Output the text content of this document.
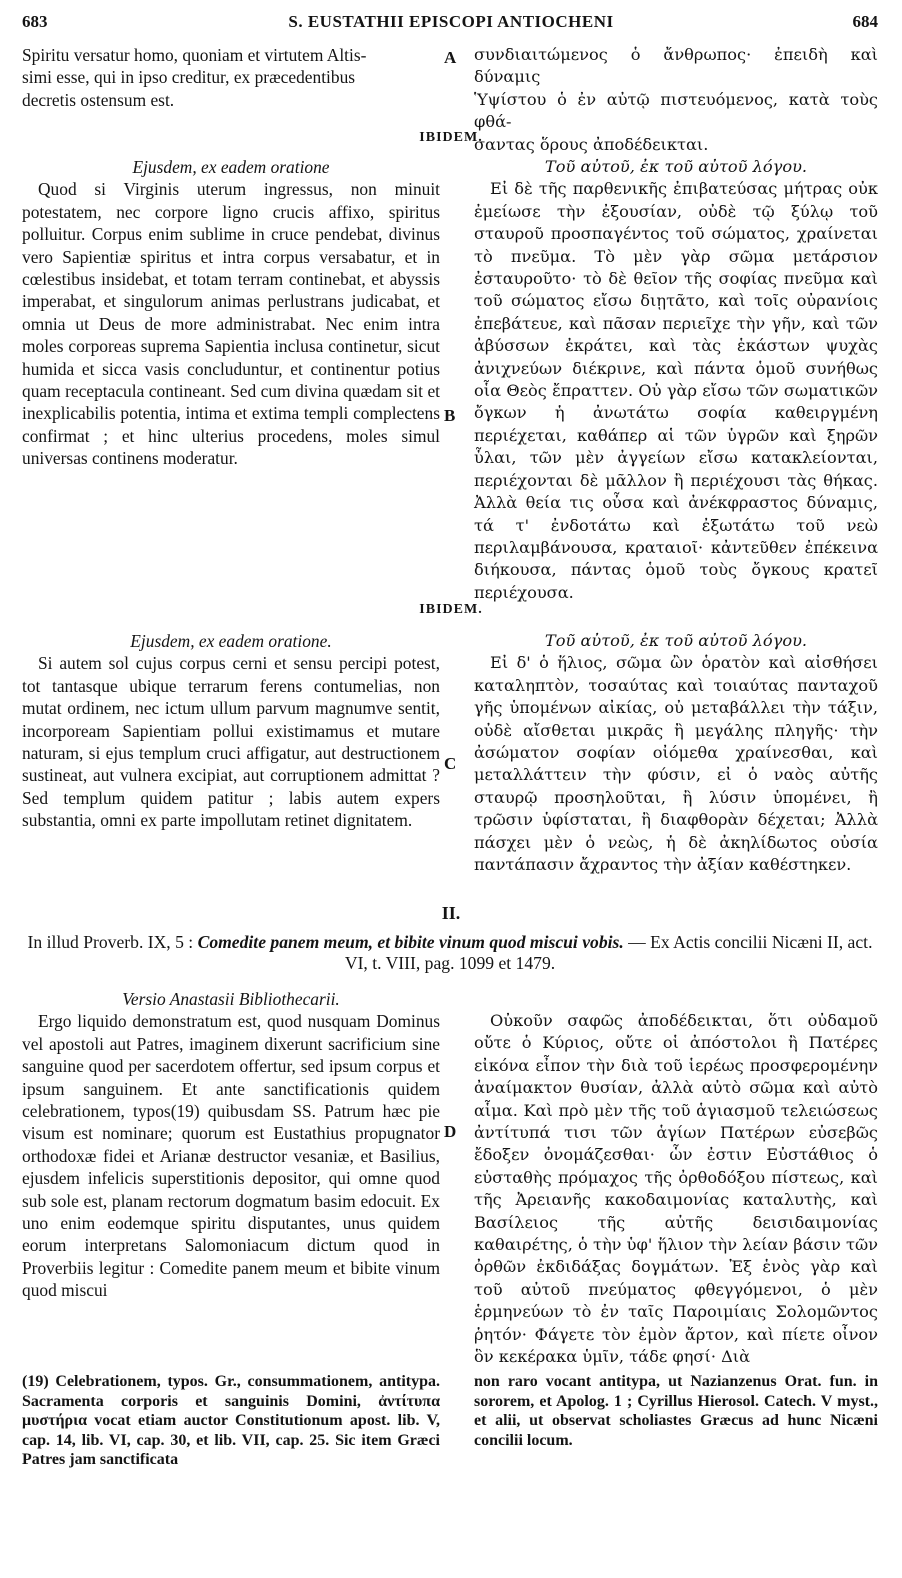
S. EUSTATHII EPISCOPI ANTIOCHENI
683	684
Spiritu versatur homo, quoniam et virtutem Altis-
simi esse, qui in ipso creditur, ex præcedentibus
decretis ostensum est.
A συνδιαιτώμενος ὁ ἄνθρωπος· ἐπειδὴ καὶ δύναμις
Ὑψίστου ὁ ἐν αὐτῷ πιστευόμενος, κατὰ τοὺς φθά-
σαντας ὅρους ἀποδέδεικται.
IBIDEM.

Ejusdem, ex eadem oratione

Quod si Virginis uterum ingressus, non minuit potestatem, nec corpore ligno crucis affixo, spiritus polluitur. Corpus enim sublime in cruce pendebat, divinus vero Sapientiæ spiritus et intra corpus versabatur, et in cœlestibus insidebat, et totam terram continebat, et abyssis imperabat, et singulorum animas perlustrans judicabat, et omnia ut Deus de more administrabat. Nec enim intra moles corporeas suprema Sapientia inclusa continetur, sicut humida et sicca vasis concluduntur, et continentur potius quam receptacula contineant. Sed cum divina quædam sit et inexplicabilis potentia, intima et extima templi complectens confirmat ; et hinc ulterius procedens, moles simul universas continens moderatur.

B

Τοῦ αὐτοῦ, ἐκ τοῦ αὐτοῦ λόγου.

Εἰ δὲ τῆς παρθενικῆς ἐπιβατεύσας μήτρας οὐκ ἐμείωσε τὴν ἐξουσίαν, οὐδὲ τῷ ξύλῳ τοῦ σταυροῦ προσπαγέντος τοῦ σώματος, χραίνεται τὸ πνεῦμα. Τὸ μὲν γὰρ σῶμα μετάρσιον ἐσταυροῦτο· τὸ δὲ θεῖον τῆς σοφίας πνεῦμα καὶ τοῦ σώματος εἴσω διῃτᾶτο, καὶ τοῖς οὐρανίοις ἐπεβάτευε, καὶ πᾶσαν περιεῖχε τὴν γῆν, καὶ τῶν ἀβύσσων ἐκράτει, καὶ τὰς ἑκάστων ψυχὰς ἀνιχνεύων διέκρινε, καὶ πάντα ὁμοῦ συνήθως οἷα Θεὸς ἔπραττεν. Οὐ γὰρ εἴσω τῶν σωματικῶν ὄγκων ἡ ἀνωτάτω σοφία καθειργμένη περιέχεται, καθάπερ αἱ τῶν ὑγρῶν καὶ ξηρῶν ὗλαι, τῶν μὲν ἀγγείων εἴσω κατακλείονται, περιέχονται δὲ μᾶλλον ἢ περιέχουσι τὰς θήκας. Ἀλλὰ θεία τις οὖσα καὶ ἀνέκφραστος δύναμις, τά τ' ἐνδοτάτω καὶ ἐξωτάτω τοῦ νεὼ περιλαμβάνουσα, κραταιοῖ· κἀντεῦθεν ἐπέκεινα διήκουσα, πάντας ὁμοῦ τοὺς ὄγκους κρατεῖ περιέχουσα.

IBIDEM.

Ejusdem, ex eadem oratione.

Si autem sol cujus corpus cerni et sensu percipi potest, tot tantasque ubique terrarum ferens contumelias, non mutat ordinem, nec ictum ullum parvum magnumve sentit, incorpoream Sapientiam pollui existimamus et mutare naturam, si ejus templum cruci affigatur, aut destructionem sustineat, aut vulnera excipiat, aut corruptionem admittat ? Sed templum quidem patitur ; labis autem expers substantia, omni ex parte impollutam retinet dignitatem.

C

Τοῦ αὐτοῦ, ἐκ τοῦ αὐτοῦ λόγου.

Εἰ δ' ὁ ἥλιος, σῶμα ὢν ὁρατὸν καὶ αἰσθήσει καταληπτὸν, τοσαύτας καὶ τοιαύτας πανταχοῦ γῆς ὑπομένων αἰκίας, οὐ μεταβάλλει τὴν τάξιν, οὐδὲ αἴσθεται μικρᾶς ἢ μεγάλης πληγῆς· τὴν ἀσώματον σοφίαν οἰόμεθα χραίνεσθαι, καὶ μεταλλάττειν τὴν φύσιν, εἰ ὁ ναὸς αὐτῆς σταυρῷ προσηλοῦται, ἢ λύσιν ὑπομένει, ἢ τρῶσιν ὑφίσταται, ἢ διαφθορὰν δέχεται; Ἀλλὰ πάσχει μὲν ὁ νεὼς, ἡ δὲ ἀκηλίδωτος οὐσία παντάπασιν ἄχραντος τὴν ἀξίαν καθέστηκεν.

II.
In illud Proverb. IX, 5 : Comedite panem meum, et bibite vinum quod miscui vobis. — Ex Actis concilii Nicæni II, act. VI, t. VIII, pag. 1099 et 1479.

Versio Anastasii Bibliothecarii.

Ergo liquido demonstratum est, quod nusquam Dominus vel apostoli aut Patres, imaginem dixerunt sacrificium sine sanguine quod per sacerdotem offertur, sed ipsum corpus et ipsum sanguinem. Et ante sanctificationis quidem celebrationem, typos(19) quibusdam SS. Patrum hæc pie visum est nominare; quorum est Eustathius propugnator orthodoxæ fidei et Arianæ destructor vesaniæ, et Basilius, ejusdem infelicis superstitionis depositor, qui omne quod sub sole est, planam rectorum dogmatum basim edocuit. Ex uno enim eodemque spiritu disputantes, unus quidem eorum interpretans Salomoniacum dictum quod in Proverbiis legitur : Comedite panem meum et bibite vinum quod miscui

D

Οὐκοῦν σαφῶς ἀποδέδεικται, ὅτι οὐδαμοῦ οὔτε ὁ Κύριος, οὔτε οἱ ἀπόστολοι ἢ Πατέρες εἰκόνα εἶπον τὴν διὰ τοῦ ἱερέως προσφερομένην ἀναίμακτον θυσίαν, ἀλλὰ αὐτὸ σῶμα καὶ αὐτὸ αἷμα. Καὶ πρὸ μὲν τῆς τοῦ ἁγιασμοῦ τελειώσεως ἀντίτυπά τισι τῶν ἁγίων Πατέρων εὐσεβῶς ἔδοξεν ὀνομάζεσθαι· ὧν ἐστιν Εὐστάθιος ὁ εὐσταθὴς πρόμαχος τῆς ὀρθοδόξου πίστεως, καὶ τῆς Ἀρειανῆς κακοδαιμονίας καταλυτὴς, καὶ Βασίλειος τῆς αὐτῆς δεισιδαιμονίας καθαιρέτης, ὁ τὴν ὑφ' ἥλιον τὴν λείαν βάσιν τῶν ὀρθῶν ἐκδιδάξας δογμάτων. Ἐξ ἑνὸς γὰρ καὶ τοῦ αὐτοῦ πνεύματος φθεγγόμενοι, ὁ μὲν ἑρμηνεύων τὸ ἐν ταῖς Παροιμίαις Σολομῶντος ῥητόν· Φάγετε τὸν ἐμὸν ἄρτον, καὶ πίετε οἶνον ὃν κεκέρακα ὑμῖν, τάδε φησί· Διὰ

(19) Celebrationem, typos. Gr., consummationem, antitypa. Sacramenta corporis et sanguinis Domini, ἀντίτυπα μυστήρια vocat etiam auctor Constitutionum apost. lib. V, cap. 14, lib. VI, cap. 30, et lib. VII, cap. 25. Sic item Græci Patres jam sanctificata
non raro vocant antitypa, ut Nazianzenus Orat. fun. in sororem, et Apolog. 1 ; Cyrillus Hierosol. Catech. V myst., et alii, ut observat scholiastes Græcus ad hunc Nicæni concilii locum.
